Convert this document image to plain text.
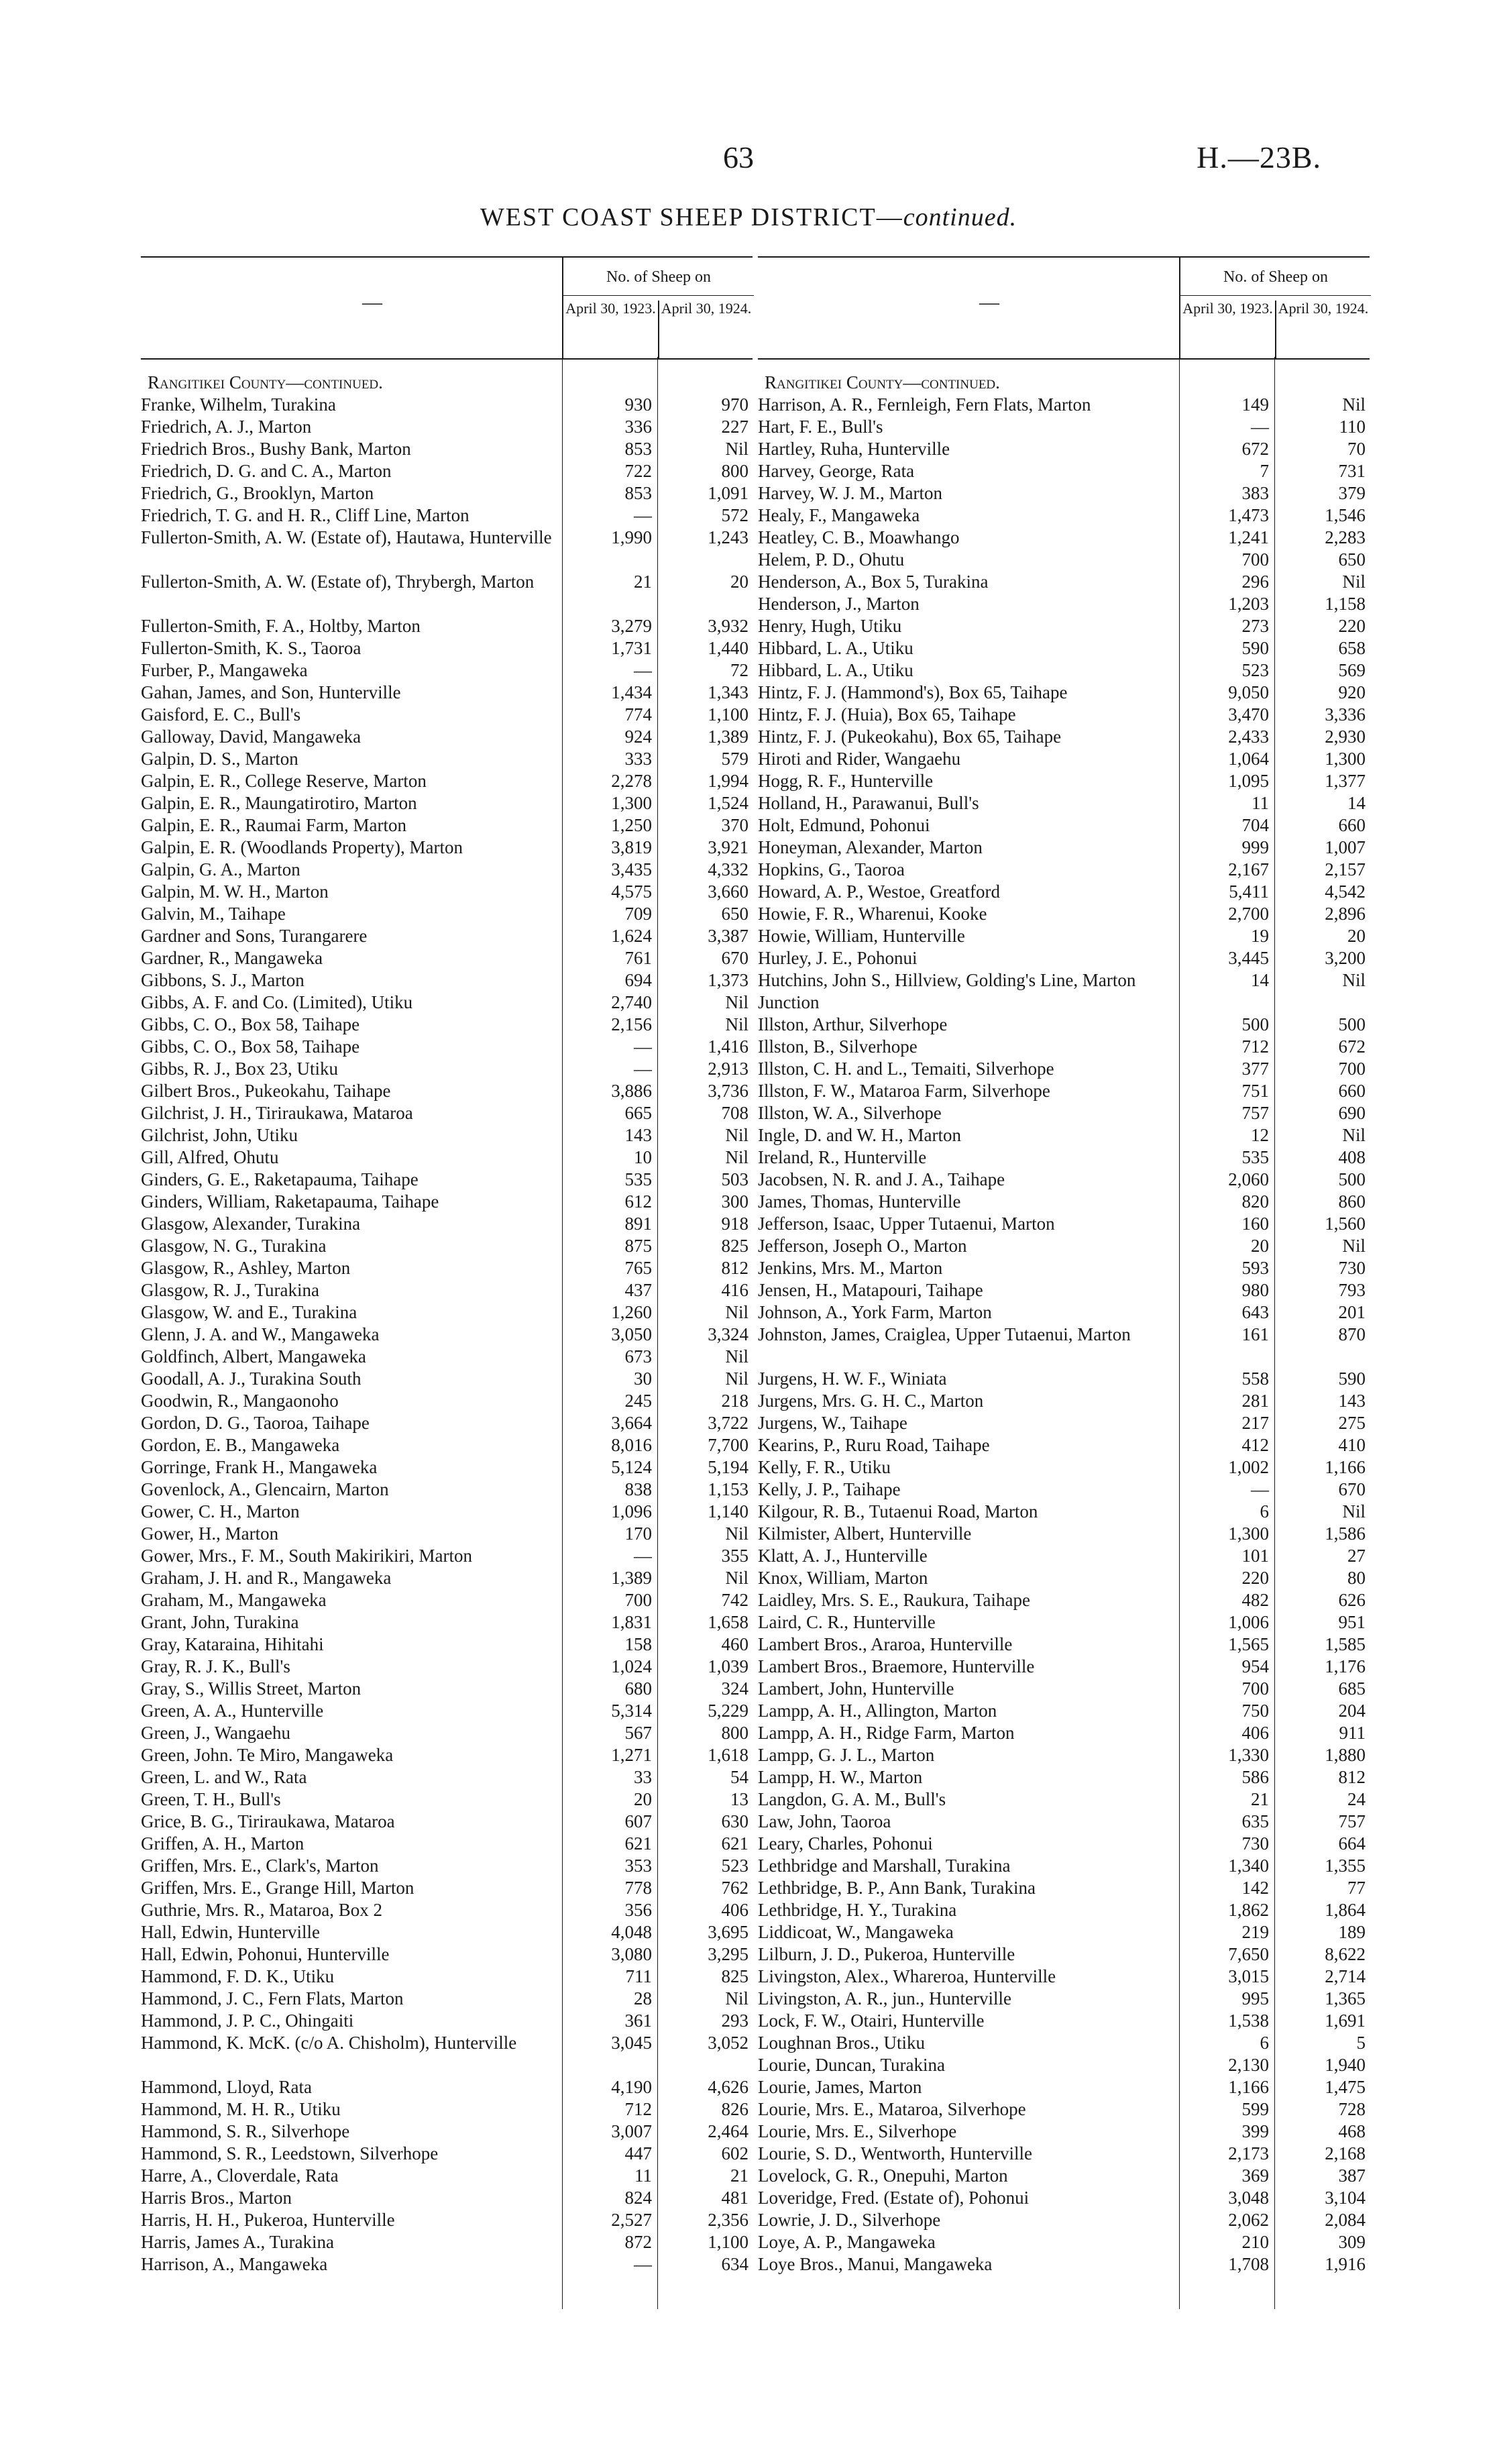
63	H.—23B.
WEST COAST SHEEP DISTRICT—continued.
—
No. of Sheep on
April 30, 1923. April 30, 1924.
Rangitikei County—continued.
Franke, Wilhelm, Turakina	930	970
Friedrich, A. J., Marton	336	227
Friedrich Bros., Bushy Bank, Marton	853	Nil
Friedrich, D. G. and C. A., Marton	722	800
Friedrich, G., Brooklyn, Marton	853	1,091
Friedrich, T. G. and H. R., Cliff Line, Marton	—	572
Fullerton-Smith, A. W. (Estate of), Hautawa, Hunterville	1,990	1,243
Fullerton-Smith, A. W. (Estate of), Thrybergh, Marton	21	20
Fullerton-Smith, F. A., Holtby, Marton	3,279	3,932
Fullerton-Smith, K. S., Taoroa	1,731	1,440
Furber, P., Mangaweka	—	72
Gahan, James, and Son, Hunterville	1,434	1,343
Gaisford, E. C., Bull's	774	1,100
Galloway, David, Mangaweka	924	1,389
Galpin, D. S., Marton	333	579
Galpin, E. R., College Reserve, Marton	2,278	1,994
Galpin, E. R., Maungatirotiro, Marton	1,300	1,524
Galpin, E. R., Raumai Farm, Marton	1,250	370
Galpin, E. R. (Woodlands Property), Marton	3,819	3,921
Galpin, G. A., Marton	3,435	4,332
Galpin, M. W. H., Marton	4,575	3,660
Galvin, M., Taihape	709	650
Gardner and Sons, Turangarere	1,624	3,387
Gardner, R., Mangaweka	761	670
Gibbons, S. J., Marton	694	1,373
Gibbs, A. F. and Co. (Limited), Utiku	2,740	Nil
Gibbs, C. O., Box 58, Taihape	2,156	Nil
Gibbs, C. O., Box 58, Taihape	—	1,416
Gibbs, R. J., Box 23, Utiku	—	2,913
Gilbert Bros., Pukeokahu, Taihape	3,886	3,736
Gilchrist, J. H., Tiriraukawa, Mataroa	665	708
Gilchrist, John, Utiku	143	Nil
Gill, Alfred, Ohutu	10	Nil
Ginders, G. E., Raketapauma, Taihape	535	503
Ginders, William, Raketapauma, Taihape	612	300
Glasgow, Alexander, Turakina	891	918
Glasgow, N. G., Turakina	875	825
Glasgow, R., Ashley, Marton	765	812
Glasgow, R. J., Turakina	437	416
Glasgow, W. and E., Turakina	1,260	Nil
Glenn, J. A. and W., Mangaweka	3,050	3,324
Goldfinch, Albert, Mangaweka	673	Nil
Goodall, A. J., Turakina South	30	Nil
Goodwin, R., Mangaonoho	245	218
Gordon, D. G., Taoroa, Taihape	3,664	3,722
Gordon, E. B., Mangaweka	8,016	7,700
Gorringe, Frank H., Mangaweka	5,124	5,194
Govenlock, A., Glencairn, Marton	838	1,153
Gower, C. H., Marton	1,096	1,140
Gower, H., Marton	170	Nil
Gower, Mrs., F. M., South Makirikiri, Marton	—	355
Graham, J. H. and R., Mangaweka	1,389	Nil
Graham, M., Mangaweka	700	742
Grant, John, Turakina	1,831	1,658
Gray, Kataraina, Hihitahi	158	460
Gray, R. J. K., Bull's	1,024	1,039
Gray, S., Willis Street, Marton	680	324
Green, A. A., Hunterville	5,314	5,229
Green, J., Wangaehu	567	800
Green, John. Te Miro, Mangaweka	1,271	1,618
Green, L. and W., Rata	33	54
Green, T. H., Bull's	20	13
Grice, B. G., Tiriraukawa, Mataroa	607	630
Griffen, A. H., Marton	621	621
Griffen, Mrs. E., Clark's, Marton	353	523
Griffen, Mrs. E., Grange Hill, Marton	778	762
Guthrie, Mrs. R., Mataroa, Box 2	356	406
Hall, Edwin, Hunterville	4,048	3,695
Hall, Edwin, Pohonui, Hunterville	3,080	3,295
Hammond, F. D. K., Utiku	711	825
Hammond, J. C., Fern Flats, Marton	28	Nil
Hammond, J. P. C., Ohingaiti	361	293
Hammond, K. McK. (c/o A. Chisholm), Hunterville	3,045	3,052
Hammond, Lloyd, Rata	4,190	4,626
Hammond, M. H. R., Utiku	712	826
Hammond, S. R., Silverhope	3,007	2,464
Hammond, S. R., Leedstown, Silverhope	447	602
Harre, A., Cloverdale, Rata	11	21
Harris Bros., Marton	824	481
Harris, H. H., Pukeroa, Hunterville	2,527	2,356
Harris, James A., Turakina	872	1,100
Harrison, A., Mangaweka	—	634
—
No. of Sheep on
April 30, 1923. April 30, 1924.
Rangitikei County—continued.
Harrison, A. R., Fernleigh, Fern Flats, Marton	149	Nil
Hart, F. E., Bull's	—	110
Hartley, Ruha, Hunterville	672	70
Harvey, George, Rata	7	731
Harvey, W. J. M., Marton	383	379
Healy, F., Mangaweka	1,473	1,546
Heatley, C. B., Moawhango	1,241	2,283
Helem, P. D., Ohutu	700	650
Henderson, A., Box 5, Turakina	296	Nil
Henderson, J., Marton	1,203	1,158
Henry, Hugh, Utiku	273	220
Hibbard, L. A., Utiku	590	658
Hibbard, L. A., Utiku	523	569
Hintz, F. J. (Hammond's), Box 65, Taihape	9,050	920
Hintz, F. J. (Huia), Box 65, Taihape	3,470	3,336
Hintz, F. J. (Pukeokahu), Box 65, Taihape	2,433	2,930
Hiroti and Rider, Wangaehu	1,064	1,300
Hogg, R. F., Hunterville	1,095	1,377
Holland, H., Parawanui, Bull's	11	14
Holt, Edmund, Pohonui	704	660
Honeyman, Alexander, Marton	999	1,007
Hopkins, G., Taoroa	2,167	2,157
Howard, A. P., Westoe, Greatford	5,411	4,542
Howie, F. R., Wharenui, Kooke	2,700	2,896
Howie, William, Hunterville	19	20
Hurley, J. E., Pohonui	3,445	3,200
Hutchins, John S., Hillview, Golding's Line, Marton Junction
14	Nil
Illston, Arthur, Silverhope	500	500
Illston, B., Silverhope	712	672
Illston, C. H. and L., Temaiti, Silverhope	377	700
Illston, F. W., Mataroa Farm, Silverhope	751	660
Illston, W. A., Silverhope	757	690
Ingle, D. and W. H., Marton	12	Nil
Ireland, R., Hunterville	535	408
Jacobsen, N. R. and J. A., Taihape	2,060	500
James, Thomas, Hunterville	820	860
Jefferson, Isaac, Upper Tutaenui, Marton	160	1,560
Jefferson, Joseph O., Marton	20	Nil
Jenkins, Mrs. M., Marton	593	730
Jensen, H., Matapouri, Taihape	980	793
Johnson, A., York Farm, Marton	643	201
Johnston, James, Craiglea, Upper Tutaenui, Marton	161	870
Jurgens, H. W. F., Winiata	558	590
Jurgens, Mrs. G. H. C., Marton	281	143
Jurgens, W., Taihape	217	275
Kearins, P., Ruru Road, Taihape	412	410
Kelly, F. R., Utiku	1,002	1,166
Kelly, J. P., Taihape	—	670
Kilgour, R. B., Tutaenui Road, Marton	6	Nil
Kilmister, Albert, Hunterville	1,300	1,586
Klatt, A. J., Hunterville	101	27
Knox, William, Marton	220	80
Laidley, Mrs. S. E., Raukura, Taihape	482	626
Laird, C. R., Hunterville	1,006	951
Lambert Bros., Araroa, Hunterville	1,565	1,585
Lambert Bros., Braemore, Hunterville	954	1,176
Lambert, John, Hunterville	700	685
Lampp, A. H., Allington, Marton	750	204
Lampp, A. H., Ridge Farm, Marton	406	911
Lampp, G. J. L., Marton	1,330	1,880
Lampp, H. W., Marton	586	812
Langdon, G. A. M., Bull's	21	24
Law, John, Taoroa	635	757
Leary, Charles, Pohonui	730	664
Lethbridge and Marshall, Turakina	1,340	1,355
Lethbridge, B. P., Ann Bank, Turakina	142	77
Lethbridge, H. Y., Turakina	1,862	1,864
Liddicoat, W., Mangaweka	219	189
Lilburn, J. D., Pukeroa, Hunterville	7,650	8,622
Livingston, Alex., Whareroa, Hunterville	3,015	2,714
Livingston, A. R., jun., Hunterville	995	1,365
Lock, F. W., Otairi, Hunterville	1,538	1,691
Loughnan Bros., Utiku	6	5
Lourie, Duncan, Turakina	2,130	1,940
Lourie, James, Marton	1,166	1,475
Lourie, Mrs. E., Mataroa, Silverhope	599	728
Lourie, Mrs. E., Silverhope	399	468
Lourie, S. D., Wentworth, Hunterville	2,173	2,168
Lovelock, G. R., Onepuhi, Marton	369	387
Loveridge, Fred. (Estate of), Pohonui	3,048	3,104
Lowrie, J. D., Silverhope	2,062	2,084
Loye, A. P., Mangaweka	210	309
Loye Bros., Manui, Mangaweka	1,708	1,916
